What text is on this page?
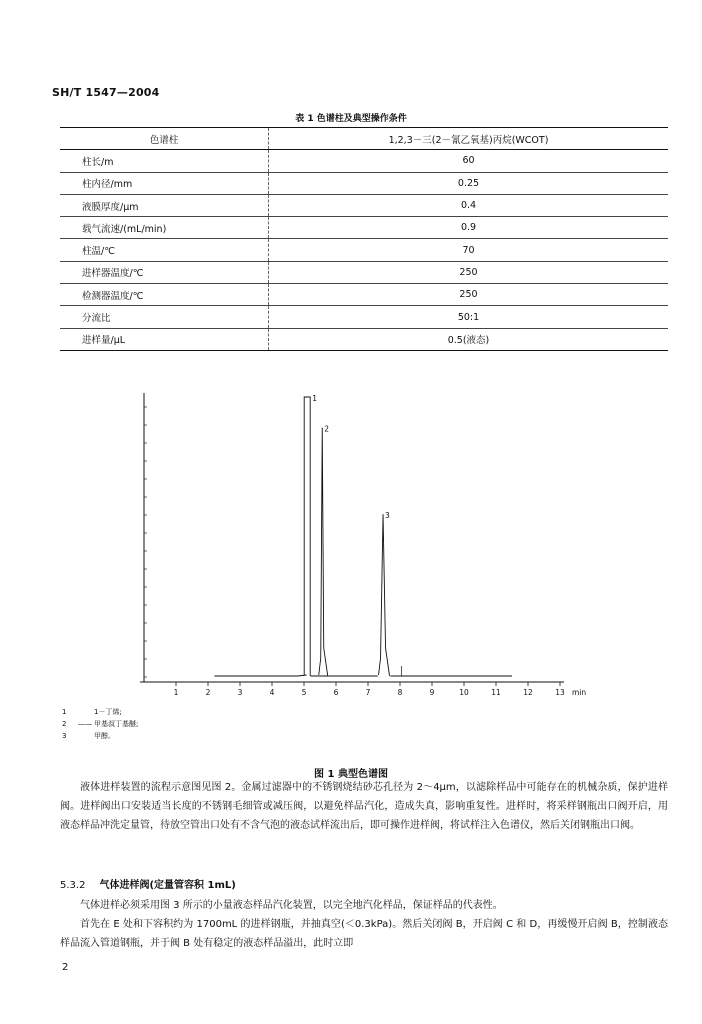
SH/T 1547—2004
表 1 色谱柱及典型操作条件
色谱柱	1,2,3－三(2－氰乙氧基)丙烷(WCOT)
柱长/m	60
柱内径/mm	0.25
液膜厚度/μm	0.4
载气流速/(mL/min)	0.9
柱温/℃	70
进样器温度/℃	250
检测器温度/℃	250
分流比	50:1
进样量/μL	0.5(液态)
1	2	3	4	5	6	7	8	9	10	11	12	13 min
1
2
3
1	1－丁烯;
2 —— 甲基叔丁基醚;
3	甲醇。
图 1 典型色谱图
液体进样装置的流程示意图见图 2。金属过滤器中的不锈钢烧结砂芯孔径为 2～4μm，以滤除样品中可能存在的机械杂质，保护进样阀。进样阀出口安装适当长度的不锈钢毛细管或减压阀，以避免样品汽化，造成失真，影响重复性。进样时，将采样钢瓶出口阀开启，用液态样品冲洗定量管，待放空管出口处有不含气泡的液态试样流出后，即可操作进样阀，将试样注入色谱仪，然后关闭钢瓶出口阀。
5.3.2 气体进样阀(定量管容积 1mL)
气体进样必须采用图 3 所示的小量液态样品汽化装置，以完全地汽化样品，保证样品的代表性。
首先在 E 处和下容积约为 1700mL 的进样钢瓶，并抽真空(＜0.3kPa)。然后关闭阀 B，开启阀 C 和 D，再缓慢开启阀 B，控制液态样品流入管道钢瓶，并于阀 B 处有稳定的液态样品溢出，此时立即
2
